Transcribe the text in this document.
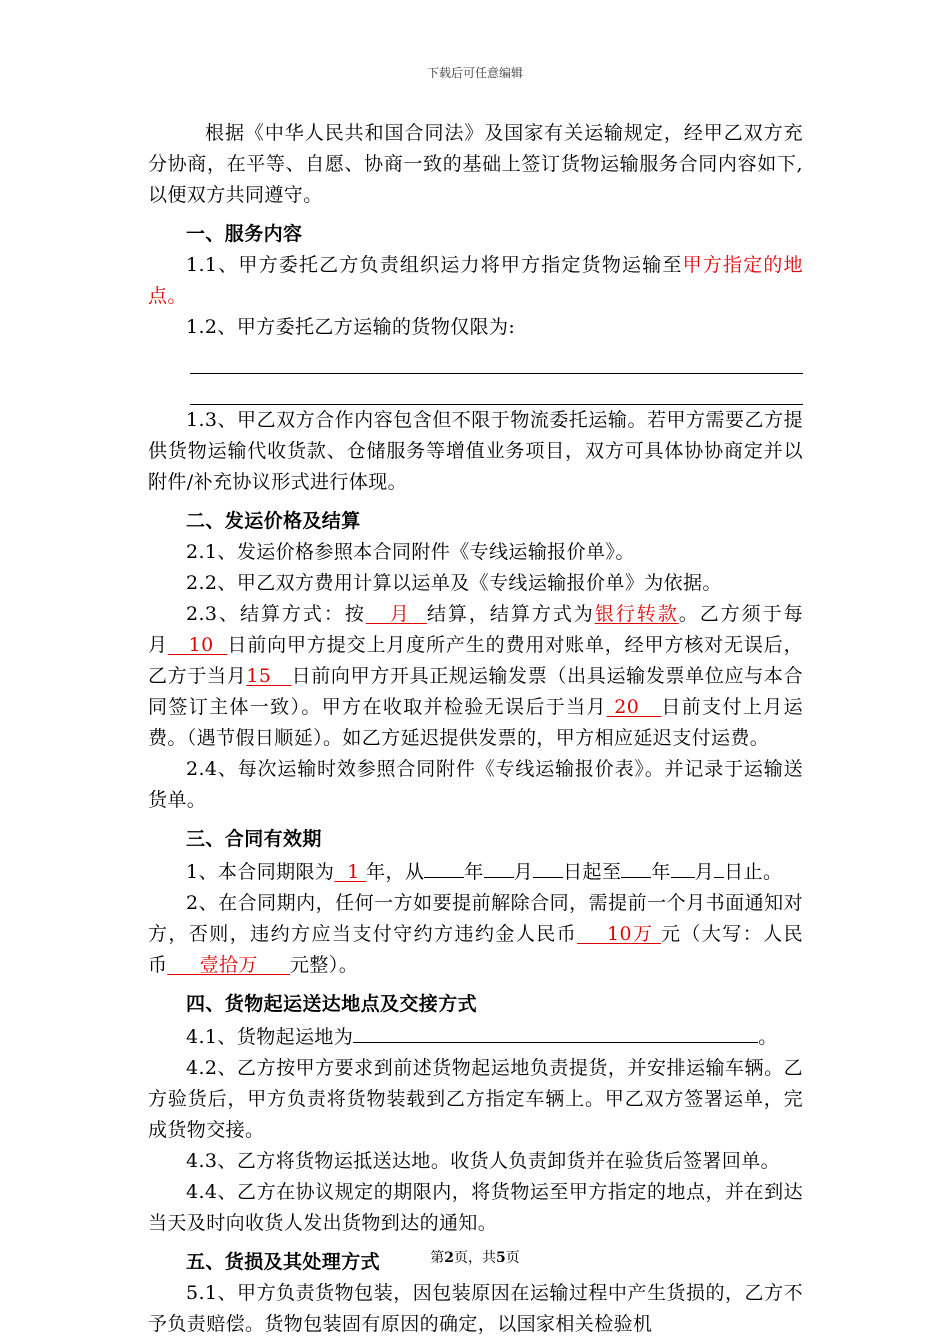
下载后可任意编辑

根据《中华人民共和国合同法》及国家有关运输规定，经甲乙双方充分协商，在平等、自愿、协商一致的基础上签订货物运输服务合同内容如下,以便双方共同遵守。

一、服务内容

1.1、甲方委托乙方负责组织运力将甲方指定货物运输至甲方指定的地点。

1.2、甲方委托乙方运输的货物仅限为:

1.3、甲乙双方合作内容包含但不限于物流委托运输。若甲方需要乙方提供货物运输代收货款、仓储服务等增值业务项目，双方可具体协协商定并以附件/补充协议形式进行体现。

二、发运价格及结算

2.1、发运价格参照本合同附件《专线运输报价单》。

2.2、甲乙双方费用计算以运单及《专线运输报价单》为依据。

2.3、结算方式：按 月 结算，结算方式为银行转款。乙方须于每月 10 日前向甲方提交上月度所产生的费用对账单，经甲方核对无误后，乙方于当月15 日前向甲方开具正规运输发票（出具运输发票单位应与本合同签订主体一致）。甲方在收取并检验无误后于当月 20 日前支付上月运费。（遇节假日顺延）。如乙方延迟提供发票的，甲方相应延迟支付运费。

2.4、每次运输时效参照合同附件《专线运输报价表》。并记录于运输送货单。

三、合同有效期

1、本合同期限为 1 年，从 年 月 日起至 年 月 日止。

2、在合同期内，任何一方如要提前解除合同，需提前一个月书面通知对方，否则，违约方应当支付守约方违约金人民币 10万 元（大写：人民币 壹拾万 元整）。

四、货物起运送达地点及交接方式

4.1、货物起运地为	。

4.2、乙方按甲方要求到前述货物起运地负责提货，并安排运输车辆。乙方验货后，甲方负责将货物装载到乙方指定车辆上。甲乙双方签署运单，完成货物交接。

4.3、乙方将货物运抵送达地。收货人负责卸货并在验货后签署回单。

4.4、乙方在协议规定的期限内，将货物运至甲方指定的地点，并在到达当天及时向收货人发出货物到达的通知。

五、货损及其处理方式

5.1、甲方负责货物包装，因包装原因在运输过程中产生货损的，乙方不予负责赔偿。货物包装固有原因的确定，以国家相关检验机

第2页，共5页
